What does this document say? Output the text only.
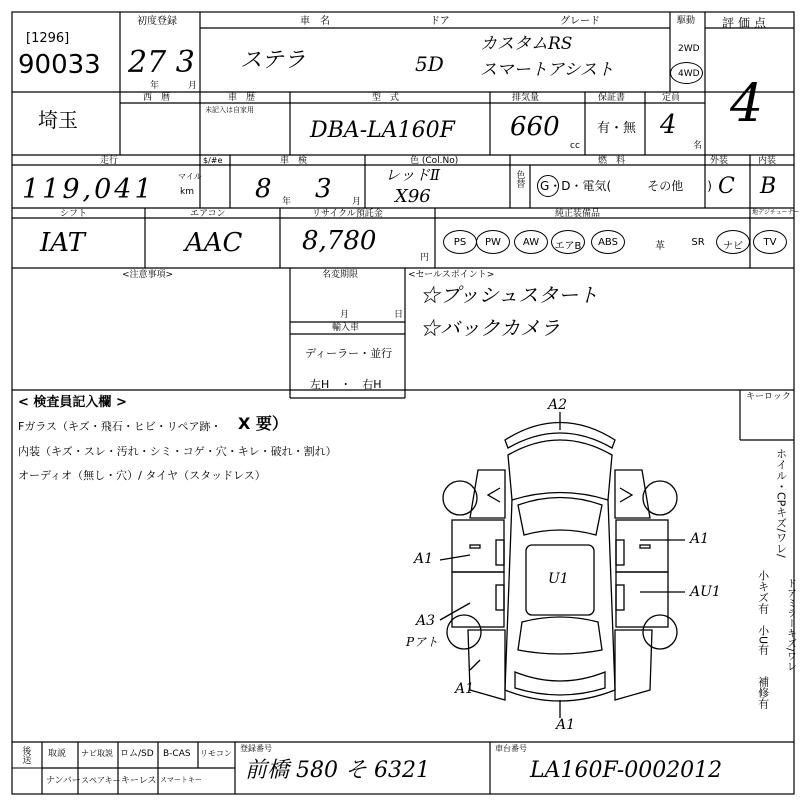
[1296]
90033
初度登録
27 3
年	月
車　名
ステラ
ドア
5D
グレード
カスタムRS
スマートアシスト
駆動
2WD
4WD
評価点
4
埼玉
西　暦	車　歴
未記入は自家用
型　式
DBA-LA160F
排気量
660
cc
保証書
有・無
定員
4
名
走行
119,041	マイル
km
$/#e	車　検
8 年 3 月
色 (Col.No)
レッドⅡ
X96
色替
燃　料
G・D・電気(　　　その他　　)
外装
C
内装
B
シフト
IAT
エアコン
AAC
リサイクル預託金
8,780
円
純正装備品	地デジチューナー
PS	PW	AW	エアB	ABS	革	SR	ナビ	TV
<注意事項>	名変期限
月	日
輸入車
ディーラー・並行
左H　・　右H
<セールスポイント>
☆プッシュスタート
☆バックカメラ
< 検査員記入欄 >
Fガラス（キズ・飛石・ヒビ・リペア跡・ X 要）
内装（キズ・スレ・汚れ・シミ・コゲ・穴・キレ・破れ・割れ）
オーディオ（無し・穴）/ タイヤ（スタッドレス）
キーロック
ホイル・CPキズ/ワレ/
小キズ有 ドアミラーキズ/ワレ
小U有
補修有
A2
U1
A1
A3
Pアト
A1
AU1
A1
A1
後送 取説 ナビ取説 ロム/SD B-CAS リモコン
ナンバー スペアキー キーレス スマートキー
登録番号
前橋 580 そ 6321
車台番号
LA160F-0002012
